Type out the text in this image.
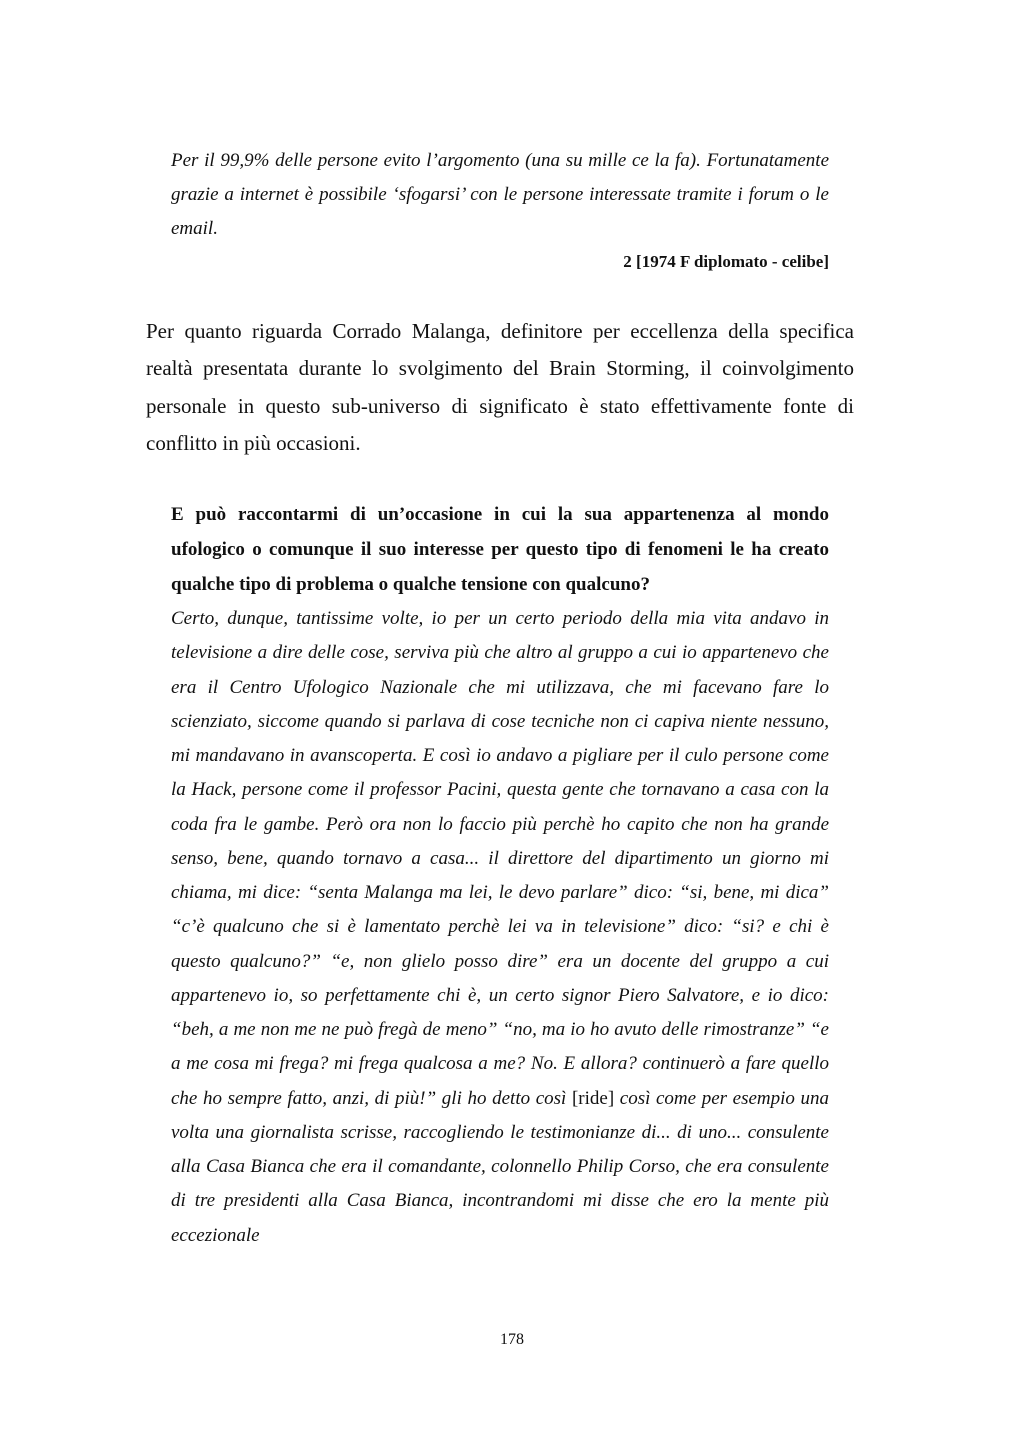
Per il 99,9% delle persone evito l’argomento (una su mille ce la fa). Fortunatamente grazie a internet è possibile ‘sfogarsi’ con le persone interessate tramite i forum o le email.

2 [1974 F diplomato - celibe]

Per quanto riguarda Corrado Malanga, definitore per eccellenza della specifica realtà presentata durante lo svolgimento del Brain Storming, il coinvolgimento personale in questo sub-universo di significato è stato effettivamente fonte di conflitto in più occasioni.

E può raccontarmi di un’occasione in cui la sua appartenenza al mondo ufologico o comunque il suo interesse per questo tipo di fenomeni le ha creato qualche tipo di problema o qualche tensione con qualcuno?

Certo, dunque, tantissime volte, io per un certo periodo della mia vita andavo in televisione a dire delle cose, serviva più che altro al gruppo a cui io appartenevo che era il Centro Ufologico Nazionale che mi utilizzava, che mi facevano fare lo scienziato, siccome quando si parlava di cose tecniche non ci capiva niente nessuno, mi mandavano in avanscoperta. E così io andavo a pigliare per il culo persone come la Hack, persone come il professor Pacini, questa gente che tornavano a casa con la coda fra le gambe. Però ora non lo faccio più perchè ho capito che non ha grande senso, bene, quando tornavo a casa... il direttore del dipartimento un giorno mi chiama, mi dice: “senta Malanga ma lei, le devo parlare” dico: “si, bene, mi dica” “c’è qualcuno che si è lamentato perchè lei va in televisione” dico: “si? e chi è questo qualcuno?” “e, non glielo posso dire” era un docente del gruppo a cui appartenevo io, so perfettamente chi è, un certo signor Piero Salvatore, e io dico: “beh, a me non me ne può fregà de meno” “no, ma io ho avuto delle rimostranze” “e a me cosa mi frega? mi frega qualcosa a me? No. E allora? continuerò a fare quello che ho sempre fatto, anzi, di più!” gli ho detto così [ride] così come per esempio una volta una giornalista scrisse, raccogliendo le testimonianze di... di uno... consulente alla Casa Bianca che era il comandante, colonnello Philip Corso, che era consulente di tre presidenti alla Casa Bianca, incontrandomi mi disse che ero la mente più eccezionale

178
